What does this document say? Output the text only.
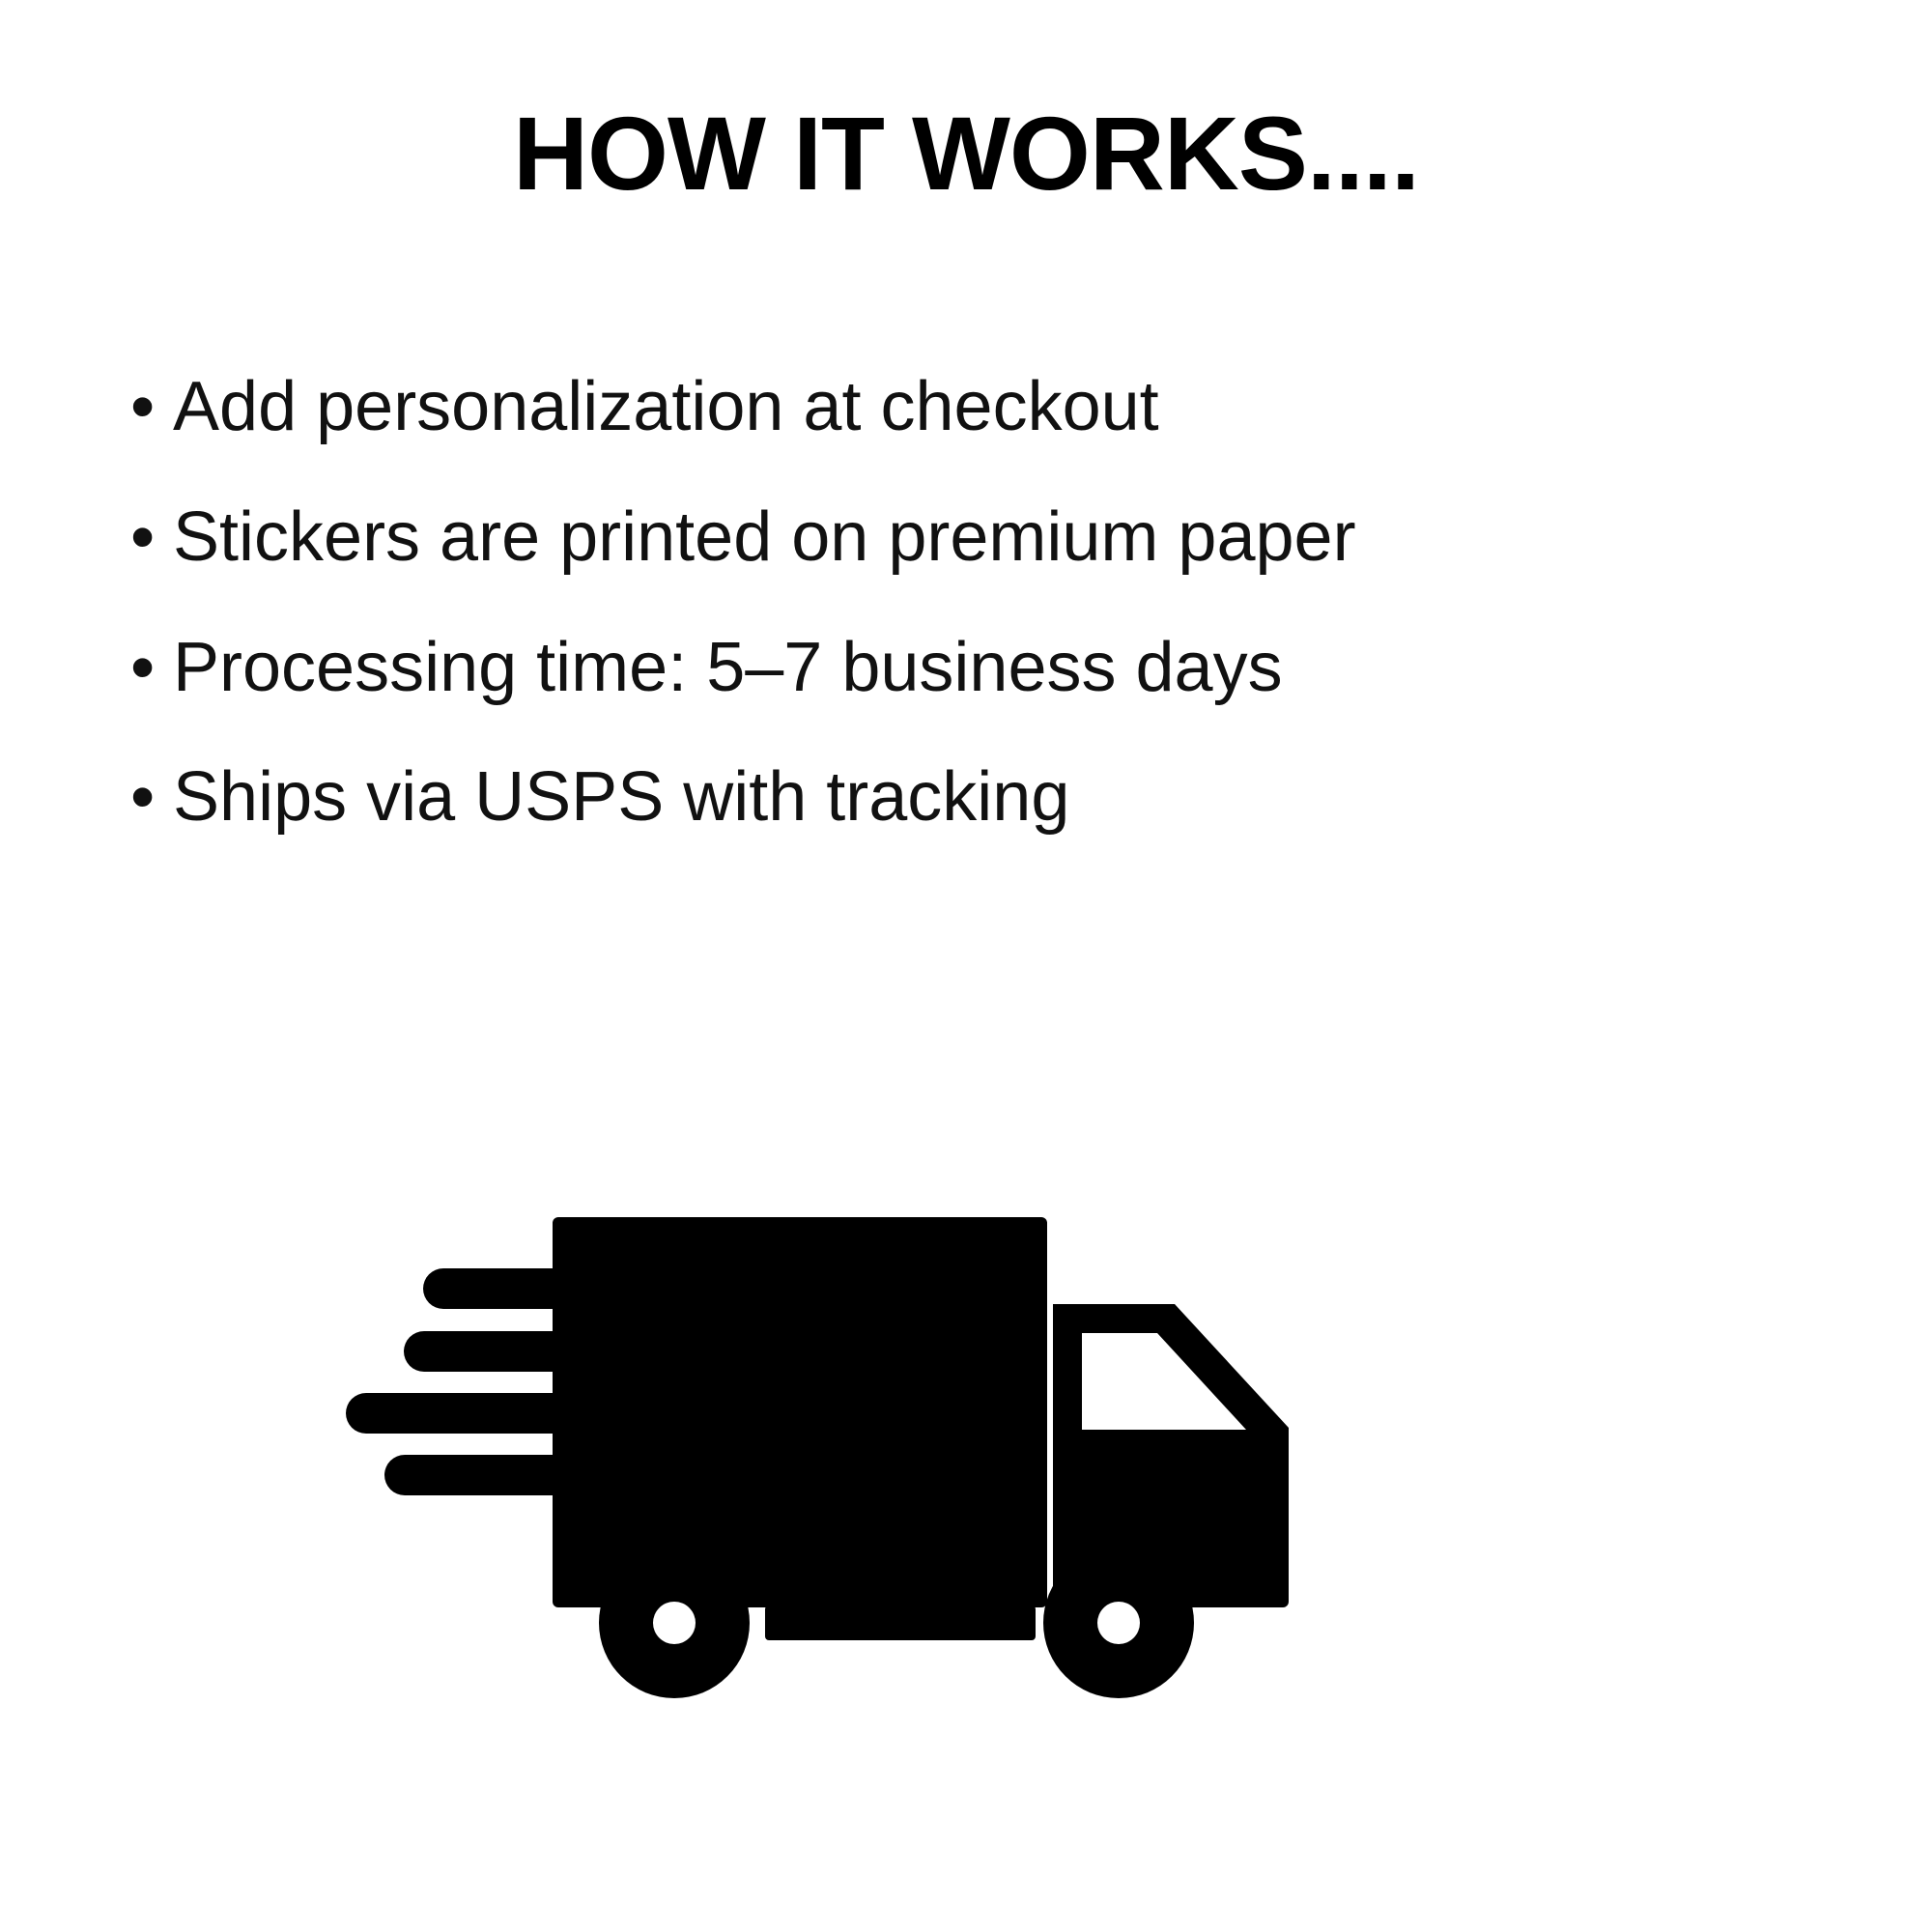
HOW IT WORKS....
• Add personalization at checkout
• Stickers are printed on premium paper
• Processing time: 5–7 business days
• Ships via USPS with tracking
